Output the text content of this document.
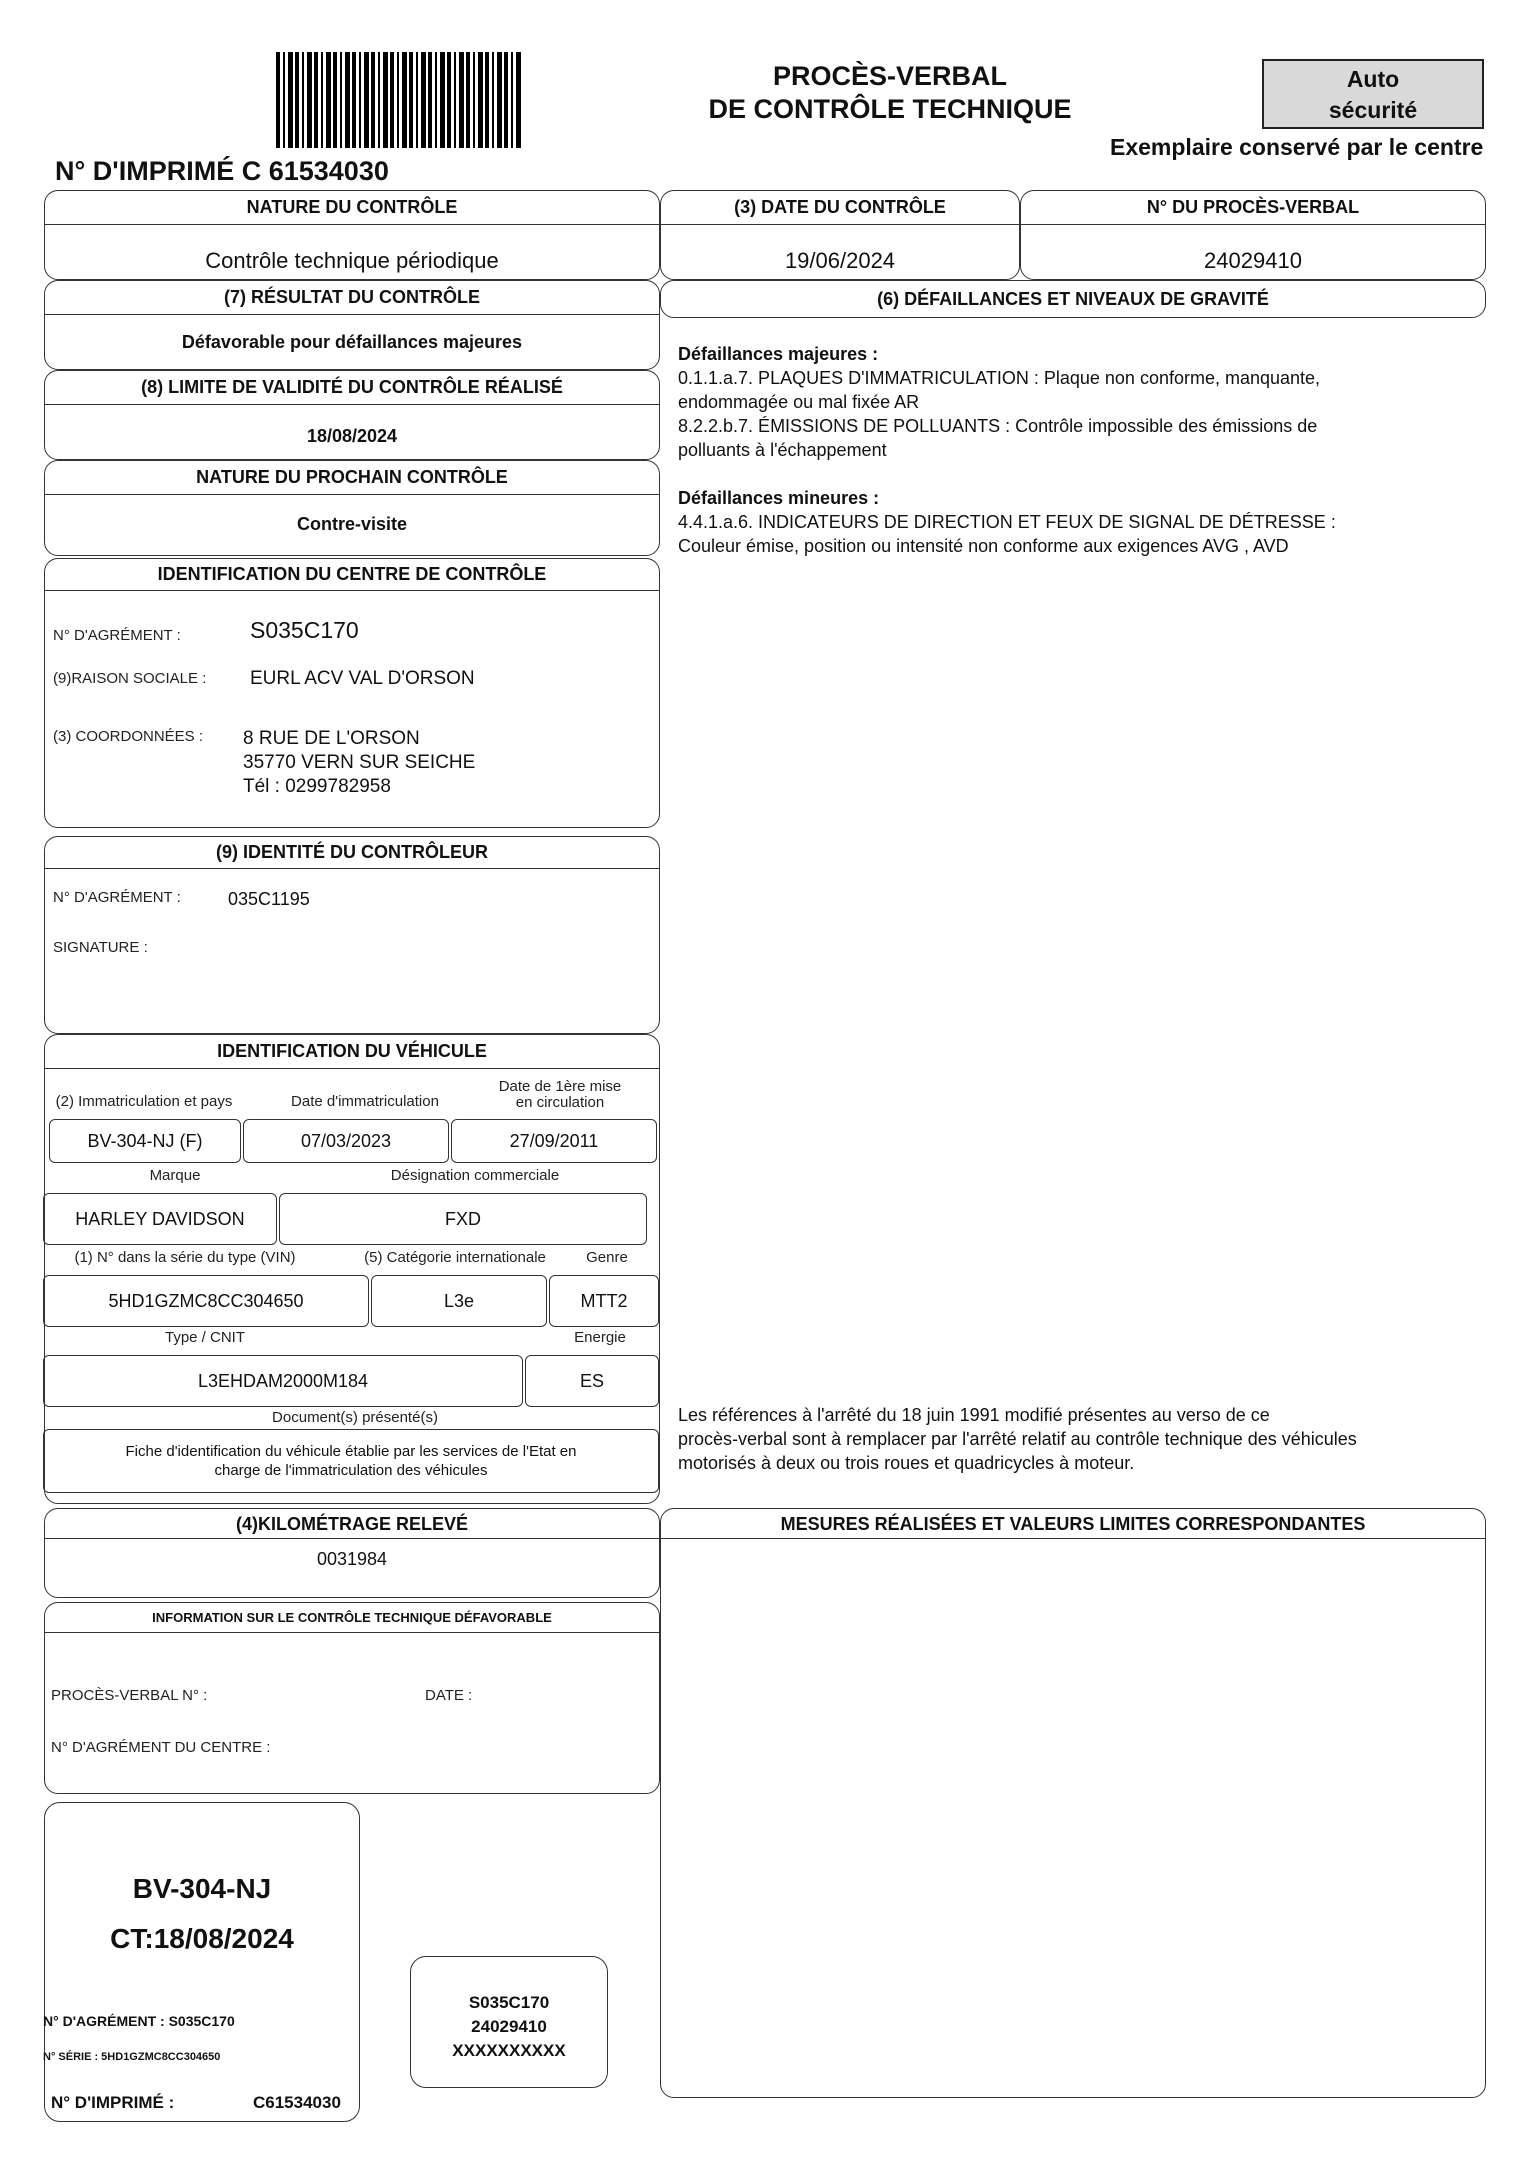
N° D'IMPRIMÉ C 61534030
PROCÈS-VERBAL
DE CONTRÔLE TECHNIQUE
Auto
sécurité
Exemplaire conservé par le centre
NATURE DU CONTRÔLE
Contrôle technique périodique
(3) DATE DU CONTRÔLE
19/06/2024
N° DU PROCÈS-VERBAL
24029410
(7) RÉSULTAT DU CONTRÔLE
Défavorable pour défaillances majeures
(8) LIMITE DE VALIDITÉ DU CONTRÔLE RÉALISÉ
18/08/2024
NATURE DU PROCHAIN CONTRÔLE
Contre-visite
(6) DÉFAILLANCES ET NIVEAUX DE GRAVITÉ
Défaillances majeures :
0.1.1.a.7. PLAQUES D'IMMATRICULATION : Plaque non conforme, manquante,
endommagée ou mal fixée AR
8.2.2.b.7. ÉMISSIONS DE POLLUANTS : Contrôle impossible des émissions de
polluants à l'échappement
Défaillances mineures :
4.4.1.a.6. INDICATEURS DE DIRECTION ET FEUX DE SIGNAL DE DÉTRESSE :
Couleur émise, position ou intensité non conforme aux exigences AVG , AVD
Les références à l'arrêté du 18 juin 1991 modifié présentes au verso de ce
procès-verbal sont à remplacer par l'arrêté relatif au contrôle technique des véhicules
motorisés à deux ou trois roues et quadricycles à moteur.
IDENTIFICATION DU CENTRE DE CONTRÔLE
N° D'AGRÉMENT :	S035C170
(9)RAISON SOCIALE : EURL ACV VAL D'ORSON
(3) COORDONNÉES : 8 RUE DE L'ORSON
35770 VERN SUR SEICHE
Tél : 0299782958
(9) IDENTITÉ DU CONTRÔLEUR
N° D'AGRÉMENT :	035C1195
SIGNATURE :
IDENTIFICATION DU VÉHICULE
(2) Immatriculation et pays	Date d'immatriculation
Date de 1ère mise
en circulation
BV-304-NJ (F)	07/03/2023	27/09/2011
Marque	Désignation commerciale
HARLEY DAVIDSON	FXD
(1) N° dans la série du type (VIN)	(5) Catégorie internationale	Genre
5HD1GZMC8CC304650	L3e	MTT2
Type / CNIT	Energie
L3EHDAM2000M184	ES
Document(s) présenté(s)
Fiche d'identification du véhicule établie par les services de l'Etat en
charge de l'immatriculation des véhicules
(4)KILOMÉTRAGE RELEVÉ
0031984
MESURES RÉALISÉES ET VALEURS LIMITES CORRESPONDANTES
INFORMATION SUR LE CONTRÔLE TECHNIQUE DÉFAVORABLE
PROCÈS-VERBAL N° :	DATE :
N° D'AGRÉMENT DU CENTRE :
BV-304-NJ
CT:18/08/2024
N° D'AGRÉMENT : S035C170
N° SÉRIE : 5HD1GZMC8CC304650
N° D'IMPRIMÉ :	C61534030
S035C170
24029410
XXXXXXXXXX
